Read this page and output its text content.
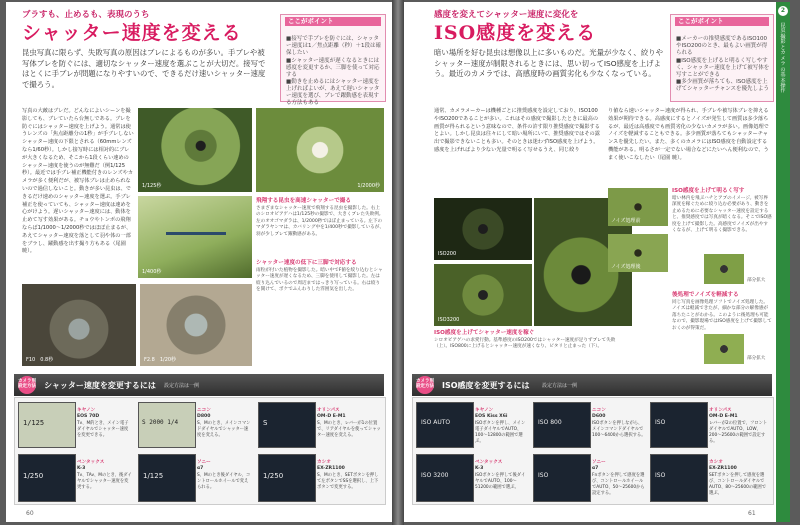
ブラすも、止めるも、表現のうち

シャッター速度を変える

昆虫写真に限らず、失敗写真の原因はブレによるものが多い。手ブレや被写体ブレを防ぐには、適切なシャッター速度を選ぶことが大切だ。接写ではとくに手ブレが問題になりやすいので、できるだけ速いシャッター速度で撮ろう。

ここがポイント

■接写で手ブレを防ぐには、シャッター速度は1／焦点距離（秒）＋1段は確保したい

■シャッター速度が遅くなるときには感度を変更するか、三脚を使って対応する

■動きを止めるにはシャッター速度を上げればよいが、あえて遅いシャッター速度を選び、ブレで躍動感を表現する方法もある

写真の大敵はブレだ。どんなによいシーンを撮影しても、ブレていたら台無しである。ブレを防ぐにはシャッター速度を上げよう。通常は使うレンズの「焦点距離分の1秒」が手ブレしないシャッター速度の下限とされる（60mmレンズなら1/60秒）。しかし接写時には相対的にブレが大きくなるため、そこから1段くらい速めのシャッター速度を使うのが無難だ（例1/125秒）。最近では手ブレ補正機能付きのレンズやカメラが多く便利だが、被写体ブレは止められないので過信しないこと。動きが多い昆虫は、できるだけ速めのシャッター速度を選ぶ。手ブレ補正を使っていても、シャッター速度は速めを心がけよう。遅いシャッター速度には、動体を止めて写す効果がある。チョウやトンボの飛翔ならば1/1000〜1/2000秒ではほぼ止まるが、あえてシャッター速度を落として羽や体の一部をブラし、躍動感を出す撮り方もある（尾園 暁）。

1/125秒	1/2000秒
1/400秒

飛翔する昆虫を高速シャッターで撮る

さまざまなシャッター速度で飛翔する昆虫を撮影した。右上のシロオビアゲハは1/125秒の撮影で、大きくブレた失敗例。左のオオゴマダラは、1/2000秒でほぼ止まっている。左下のマダラヤンマは、カバリング中を1/400秒で撮影しているが、羽が少しブレて躍動感がある。

シャッター速度の低下に三脚で対応する

雨粒が付いた植物を撮影した。暗い中でF値を絞り込むとシャッター速度が遅くなるため、三脚を使用して撮影した。左は絞り込んでいるので周辺まではっきり写っている。右は絞りを開けて、ボケでふんわりした雰囲気を出した。

F10　0.8秒	F2.8　1/20秒
カメラ別設定方法 シャッター速度を変更するには 設定方法は一例
1/125

キヤノン

EOS 70D

Tv、M的とき、メイン電子ダイヤルでシャッター速度を変更できる。

S 2000 1/4

ニコン

D800

S、Mのとき、メインコマンドダイヤルでシャッター速度を変える。

S

オリンパス

OM-D E-M1

S、Mのとき、レバーが1の位置で、リアダイヤルを使ってシャッター速度を変える。

1/250

ペンタックス

K-3

Tv、TAv、Mのとき、後ダイヤルでシャッター速度を変更する。

1/125

ソニー

α7

S、Mのとき後ダイヤル、コントロールホイールで変えられる。

1/250

カシオ

EX-ZR1100

S、Mのとき、SETボタンを押して左ボタンでSSを選択し、上下ボタンで変更する。

60

感度を変えてシャッター速度に変化を

ISO感度を変える

暗い場所を好む昆虫は想像以上に多いものだ。光量が少なく、絞りやシャッター速度が制限されるときには、思い切ってISO感度を上げよう。最近のカメラでは、高感度時の画質劣化も少なくなっている。

ここがポイント

■メーカーの推奨感度であるISO100やISO200のとき、最もよい画質が得られる

■ISO感度を上げると明るく写しやすく、シャッター速度を上げて被写体を写すことができる

■多少画質が落ちても、ISO感度を上げてシャッターチャンスを優先しよう

通常、カメラメーカーは機種ごとに推奨感度を設定しており、ISO100やISO200であることが多い。これはその感度で撮影したときに最高の画質が得られるという意味なので、条件の許す限り推奨感度で撮影するとよい。しかし昆虫は往々にして暗い場所にいて、推奨感度ではその露出で撮影できないことも多い。そのときは迷わずISO感度を上げよう。感度を上げればより少ない光量で明るく写せるうえ、同じ絞り

り値なら速いシャッター速度が得られ、手ブレや被写体ブレを抑える効果が期待できる。高感度にするとノイズが発生して画質は多少落ちるが、最近は高感度でも画質劣化の少ないカメラが多い。画像処理でノイズを軽減することもできる。多少画質が落ちてもシャッターチャンスを優先したい。また、多くのカメラにはISO感度を自動設定する機能がある。明るさが一定でない場合などにたいへん便利なので、うまく使いこなしたい（尾園 暁）。

ISO200
ISO3200

ISO感度を上げてシャッター速度を稼ぐ

シロオビアゲハの求愛行動。基準感度のISO200ではシャッター速度が足りずブレて失敗（上）。ISO800に上げるとシャッター速度が速くなり、ピタリと止まった（下）。

ノイズ処理前
ノイズ処理後

ISO感度を上げて明るく写す

暗い林内を飛ぶハチとアブのイメージ。被写界深度を稼ぐために絞り込む必要があり、動きを止めるために必要なシャッター速度を設定すると、推奨感度では写真が暗くなる。そこでISO感度を上げて撮影した。高感度でノイズが出やすくなるが、上げて明るく撮影できる。

部分拡大

後処理でノイズを軽減する

同じ写真を画像処理ソフトでノイズ処理した。ノイズは軽減できたが、細かな部分の解像感が落ちたことがわかる。このように後処理も可能なので、撮影現場ではISO感度を上げて撮影しておくのが得策だ。

部分拡大
カメラ別設定方法 ISO感度を変更するには 設定方法は一例
ISO AUTO

キヤノン

EOS Kiss X6i

ISOボタンを押し、メイン電子ダイヤルでAUTO、100〜12800の範囲で選ぶ。

ISO 800

ニコン

D600

ISOボタンを押しながら、メインコマンドダイヤルで100〜6400から選択する。

ISO

オリンパス

OM-D E-M1

レバーが2の位置で、フロントダイヤルでAUTO、LOW、200〜25600の範囲で設定する。

ISO 3200

ペンタックス

K-3

ISOボタンを押して後ダイヤルでAUTO、100〜51200の範囲で選ぶ。

ISO

ソニー

α7

Fnボタンを押して感度を選び、コントロールホイールでAUTO、50〜25600から設定する。

ISO

カシオ

EX-ZR1100

SETボタンを押して感度を選び、コントロールダイヤルでAUTO、80〜25600の範囲で選ぶ。

2
昆虫撮影とカメラの基本操作
61
